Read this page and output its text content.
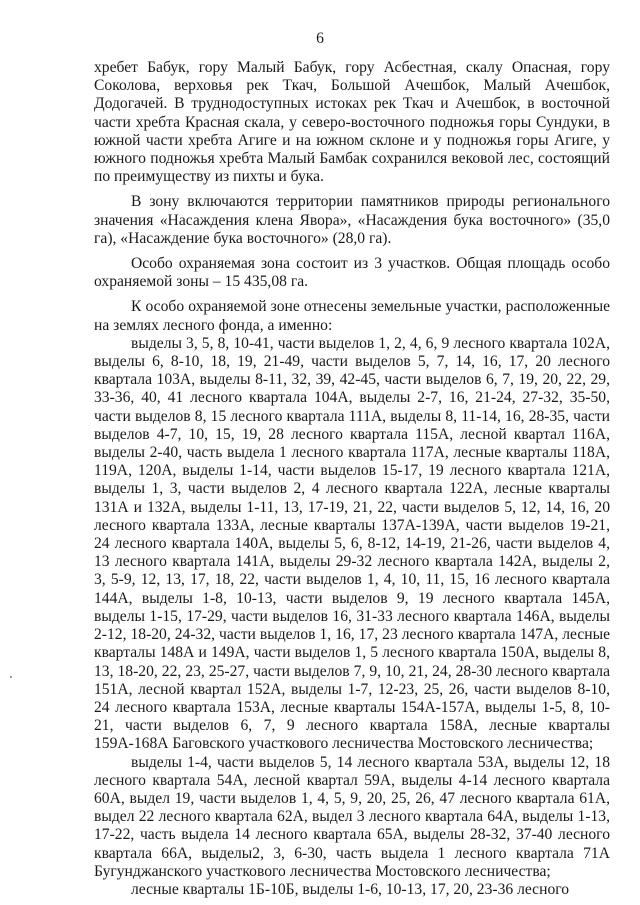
6

хребет Бабук, гору Малый Бабук, гору Асбестная, скалу Опасная, гору Соколова, верховья рек Ткач, Большой Ачешбок, Малый Ачешбок, Додогачей. В труднодоступных истоках рек Ткач и Ачешбок, в восточной части хребта Красная скала, у северо-восточного подножья горы Сундуки, в южной части хребта Агиге и на южном склоне и у подножья горы Агиге, у южного подножья хребта Малый Бамбак сохранился вековой лес, состоящий по преимуществу из пихты и бука.

В зону включаются территории памятников природы регионального значения «Насаждения клена Явора», «Насаждения бука восточного» (35,0 га), «Насаждение бука восточного» (28,0 га).

Особо охраняемая зона состоит из 3 участков. Общая площадь особо охраняемой зоны – 15 435,08 га.

К особо охраняемой зоне отнесены земельные участки, расположенные на землях лесного фонда, а именно:

выделы 3, 5, 8, 10-41, части выделов 1, 2, 4, 6, 9 лесного квартала 102А, выделы 6, 8-10, 18, 19, 21-49, части выделов 5, 7, 14, 16, 17, 20 лесного квартала 103А, выделы 8-11, 32, 39, 42-45, части выделов 6, 7, 19, 20, 22, 29, 33-36, 40, 41 лесного квартала 104А, выделы 2-7, 16, 21-24, 27-32, 35-50, части выделов 8, 15 лесного квартала 111А, выделы 8, 11-14, 16, 28-35, части выделов 4-7, 10, 15, 19, 28 лесного квартала 115А, лесной квартал 116А, выделы 2-40, часть выдела 1 лесного квартала 117А, лесные кварталы 118А, 119А, 120А, выделы 1-14, части выделов 15-17, 19 лесного квартала 121А, выделы 1, 3, части выделов 2, 4 лесного квартала 122А, лесные кварталы 131А и 132А, выделы 1-11, 13, 17-19, 21, 22, части выделов 5, 12, 14, 16, 20 лесного квартала 133А, лесные кварталы 137А-139А, части выделов 19-21, 24 лесного квартала 140А, выделы 5, 6, 8-12, 14-19, 21-26, части выделов 4, 13 лесного квартала 141А, выделы 29-32 лесного квартала 142А, выделы 2, 3, 5-9, 12, 13, 17, 18, 22, части выделов 1, 4, 10, 11, 15, 16 лесного квартала 144А, выделы 1-8, 10-13, части выделов 9, 19 лесного квартала 145А, выделы 1-15, 17-29, части выделов 16, 31-33 лесного квартала 146А, выделы 2-12, 18-20, 24-32, части выделов 1, 16, 17, 23 лесного квартала 147А, лесные кварталы 148А и 149А, части выделов 1, 5 лесного квартала 150А, выделы 8, 13, 18-20, 22, 23, 25-27, части выделов 7, 9, 10, 21, 24, 28-30 лесного квартала 151А, лесной квартал 152А, выделы 1-7, 12-23, 25, 26, части выделов 8-10, 24 лесного квартала 153А, лесные кварталы 154А-157А, выделы 1-5, 8, 10-21, части выделов 6, 7, 9 лесного квартала 158А, лесные кварталы 159А-168А Баговского участкового лесничества Мостовского лесничества;

выделы 1-4, части выделов 5, 14 лесного квартала 53А, выделы 12, 18 лесного квартала 54А, лесной квартал 59А, выделы 4-14 лесного квартала 60А, выдел 19, части выделов 1, 4, 5, 9, 20, 25, 26, 47 лесного квартала 61А, выдел 22 лесного квартала 62А, выдел 3 лесного квартала 64А, выделы 1-13, 17-22, часть выдела 14 лесного квартала 65А, выделы 28-32, 37-40 лесного квартала 66А, выделы2, 3, 6-30, часть выдела 1 лесного квартала 71А Бугунджанского участкового лесничества Мостовского лесничества;

лесные кварталы 1Б-10Б, выделы 1-6, 10-13, 17, 20, 23-36 лесного
